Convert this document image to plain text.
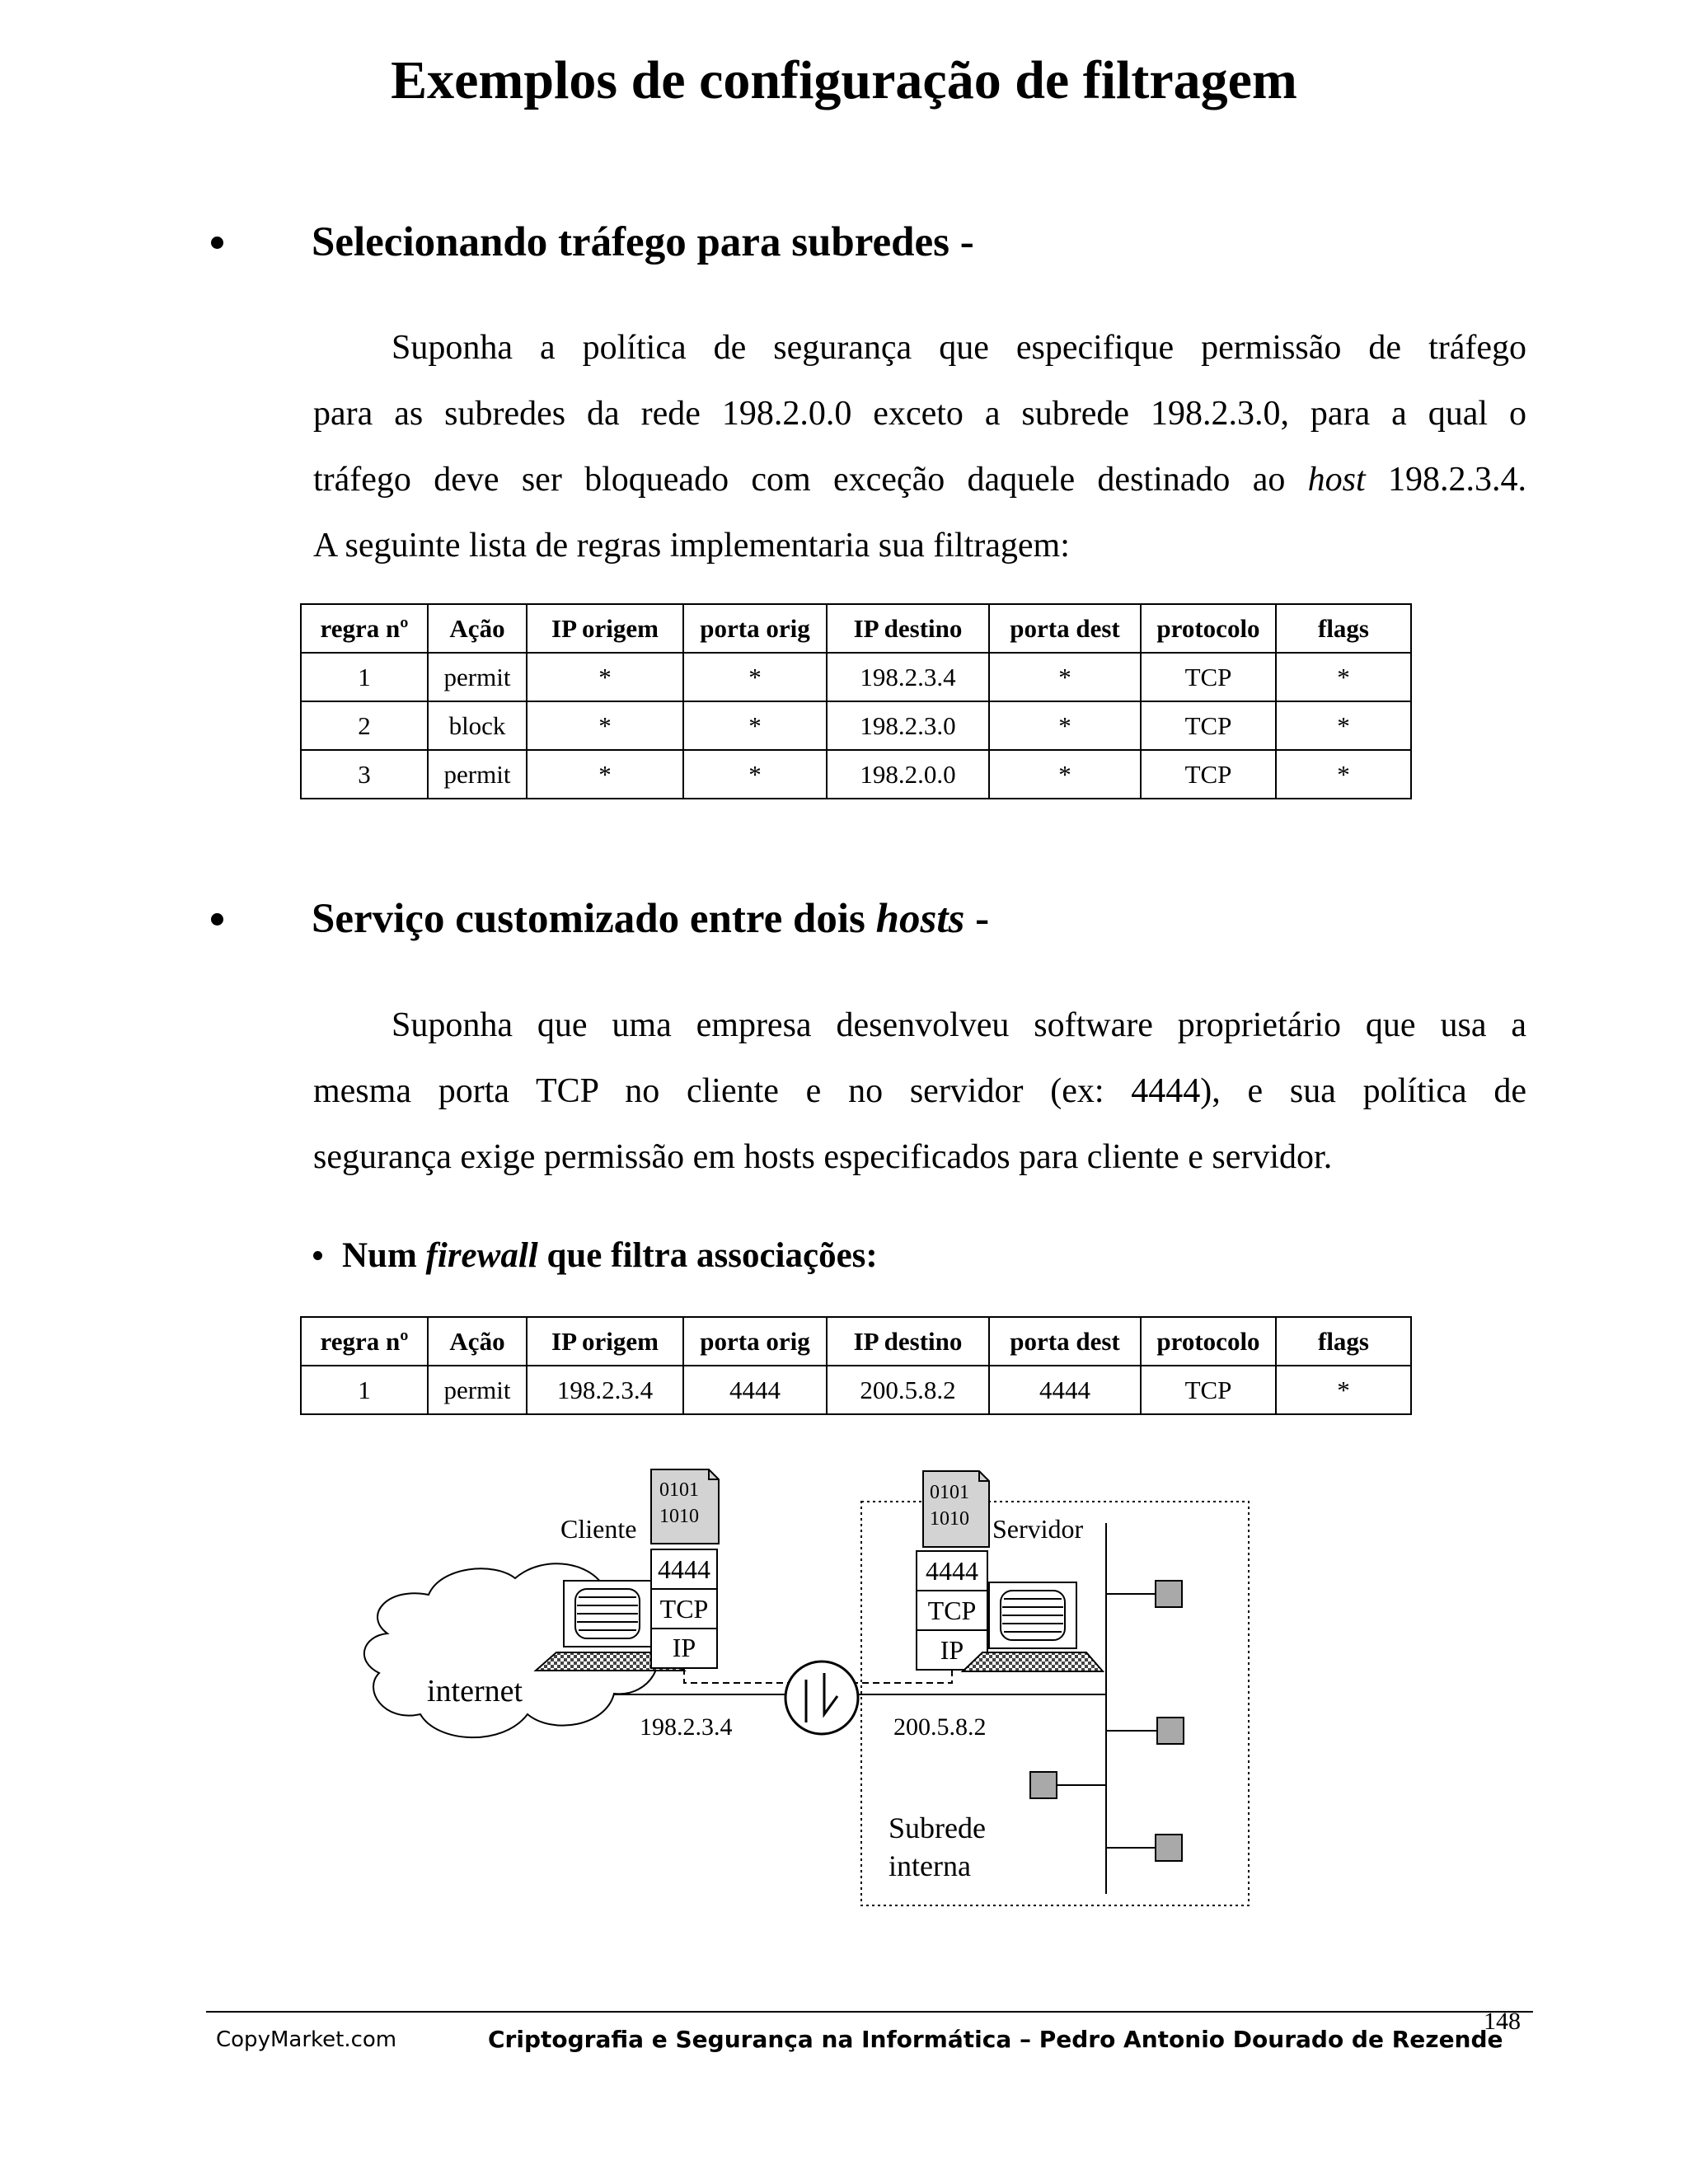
Exemplos de configuração de filtragem
Selecionando tráfego para subredes -
Suponha a política de segurança que especifique permissão de tráfego
para as subredes da rede 198.2.0.0 exceto a subrede 198.2.3.0, para a qual o
tráfego deve ser bloqueado com exceção daquele destinado ao host 198.2.3.4.
A seguinte lista de regras implementaria sua filtragem:
regra nº	Ação	IP origem	porta orig	IP destino	porta dest	protocolo	flags
1	permit	*	*	198.2.3.4	*	TCP	*
2	block	*	*	198.2.3.0	*	TCP	*
3	permit	*	*	198.2.0.0	*	TCP	*
Serviço customizado entre dois hosts -
Suponha que uma empresa desenvolveu software proprietário que usa a
mesma porta TCP no cliente e no servidor (ex: 4444), e sua política de
segurança exige permissão em hosts especificados para cliente e servidor.
Num firewall que filtra associações:
regra nº	Ação	IP origem	porta orig	IP destino	porta dest	protocolo	flags
1	permit	198.2.3.4	4444	200.5.8.2	4444	TCP	*
internet
0101
1010
Cliente
4444
TCP
IP
0101
1010 Servidor
4444
TCP
IP
198.2.3.4	200.5.8.2
Subrede
interna
148
CopyMarket.com	Criptografia e Segurança na Informática – Pedro Antonio Dourado de Rezende
